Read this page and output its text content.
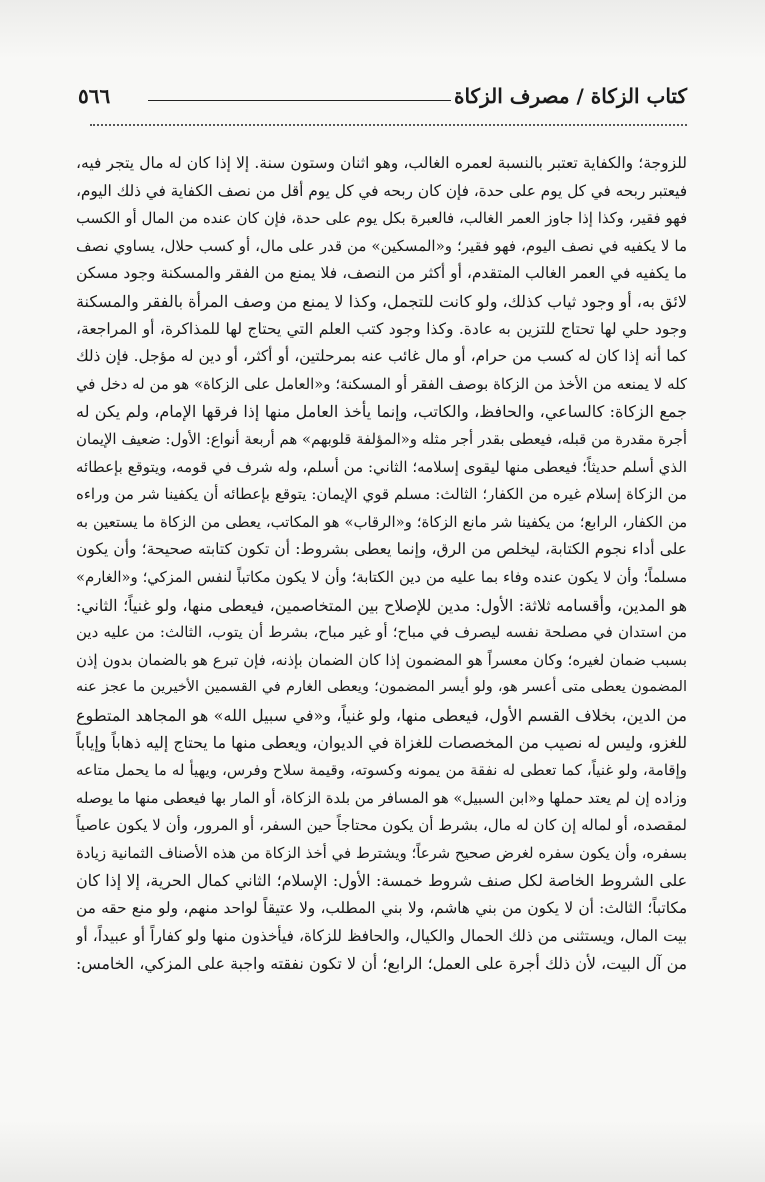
كتاب الزكاة / مصرف الزكاة
٥٦٦
للزوجة؛ والكفاية تعتبر بالنسبة لعمره الغالب، وهو اثنان وستون سنة. إلا إذا كان له مال يتجر فيه،
فيعتبر ربحه في كل يوم على حدة، فإن كان ربحه في كل يوم أقل من نصف الكفاية في ذلك اليوم،
فهو فقير، وكذا إذا جاوز العمر الغالب، فالعبرة بكل يوم على حدة، فإن كان عنده من المال أو الكسب
ما لا يكفيه في نصف اليوم، فهو فقير؛ و«المسكين» من قدر على مال، أو كسب حلال، يساوي نصف
ما يكفيه في العمر الغالب المتقدم، أو أكثر من النصف، فلا يمنع من الفقر والمسكنة وجود مسكن
لائق به، أو وجود ثياب كذلك، ولو كانت للتجمل، وكذا لا يمنع من وصف المرأة بالفقر والمسكنة
وجود حلي لها تحتاج للتزين به عادة. وكذا وجود كتب العلم التي يحتاج لها للمذاكرة، أو المراجعة،
كما أنه إذا كان له كسب من حرام، أو مال غائب عنه بمرحلتين، أو أكثر، أو دين له مؤجل. فإن ذلك
كله لا يمنعه من الأخذ من الزكاة بوصف الفقر أو المسكنة؛ و«العامل على الزكاة» هو من له دخل في
جمع الزكاة: كالساعي، والحافظ، والكاتب، وإنما يأخذ العامل منها إذا فرقها الإمام، ولم يكن له
أجرة مقدرة من قبله، فيعطى بقدر أجر مثله و«المؤلفة قلوبهم» هم أربعة أنواع: الأول: ضعيف الإيمان
الذي أسلم حديثاً؛ فيعطى منها ليقوى إسلامه؛ الثاني: من أسلم، وله شرف في قومه، ويتوقع بإعطائه
من الزكاة إسلام غيره من الكفار؛ الثالث: مسلم قوي الإيمان: يتوقع بإعطائه أن يكفينا شر من وراءه
من الكفار، الرابع؛ من يكفينا شر مانع الزكاة؛ و«الرقاب» هو المكاتب، يعطى من الزكاة ما يستعين به
على أداء نجوم الكتابة، ليخلص من الرق، وإنما يعطى بشروط: أن تكون كتابته صحيحة؛ وأن يكون
مسلماً؛ وأن لا يكون عنده وفاء بما عليه من دين الكتابة؛ وأن لا يكون مكاتباً لنفس المزكي؛ و«الغارم»
هو المدين، وأقسامه ثلاثة: الأول: مدين للإصلاح بين المتخاصمين، فيعطى منها، ولو غنياً؛ الثاني:
من استدان في مصلحة نفسه ليصرف في مباح؛ أو غير مباح، بشرط أن يتوب، الثالث: من عليه دين
بسبب ضمان لغيره؛ وكان معسراً هو المضمون إذا كان الضمان بإذنه، فإن تبرع هو بالضمان بدون إذن
المضمون يعطى متى أعسر هو، ولو أيسر المضمون؛ ويعطى الغارم في القسمين الأخيرين ما عجز عنه
من الدين، بخلاف القسم الأول، فيعطى منها، ولو غنياً، و«في سبيل الله» هو المجاهد المتطوع
للغزو، وليس له نصيب من المخصصات للغزاة في الديوان، ويعطى منها ما يحتاج إليه ذهاباً وإياباً
وإقامة، ولو غنياً، كما تعطى له نفقة من يمونه وكسوته، وقيمة سلاح وفرس، ويهيأ له ما يحمل متاعه
وزاده إن لم يعتد حملها و«ابن السبيل» هو المسافر من بلدة الزكاة، أو المار بها فيعطى منها ما يوصله
لمقصده، أو لماله إن كان له مال، بشرط أن يكون محتاجاً حين السفر، أو المرور، وأن لا يكون عاصياً
بسفره، وأن يكون سفره لغرض صحيح شرعاً؛ ويشترط في أخذ الزكاة من هذه الأصناف الثمانية زيادة
على الشروط الخاصة لكل صنف شروط خمسة: الأول: الإسلام؛ الثاني كمال الحرية، إلا إذا كان
مكاتباً؛ الثالث: أن لا يكون من بني هاشم، ولا بني المطلب، ولا عتيقاً لواحد منهم، ولو منع حقه من
بيت المال، ويستثنى من ذلك الحمال والكيال، والحافظ للزكاة، فيأخذون منها ولو كفاراً أو عبيداً، أو
من آل البيت، لأن ذلك أجرة على العمل؛ الرابع؛ أن لا تكون نفقته واجبة على المزكي، الخامس:
